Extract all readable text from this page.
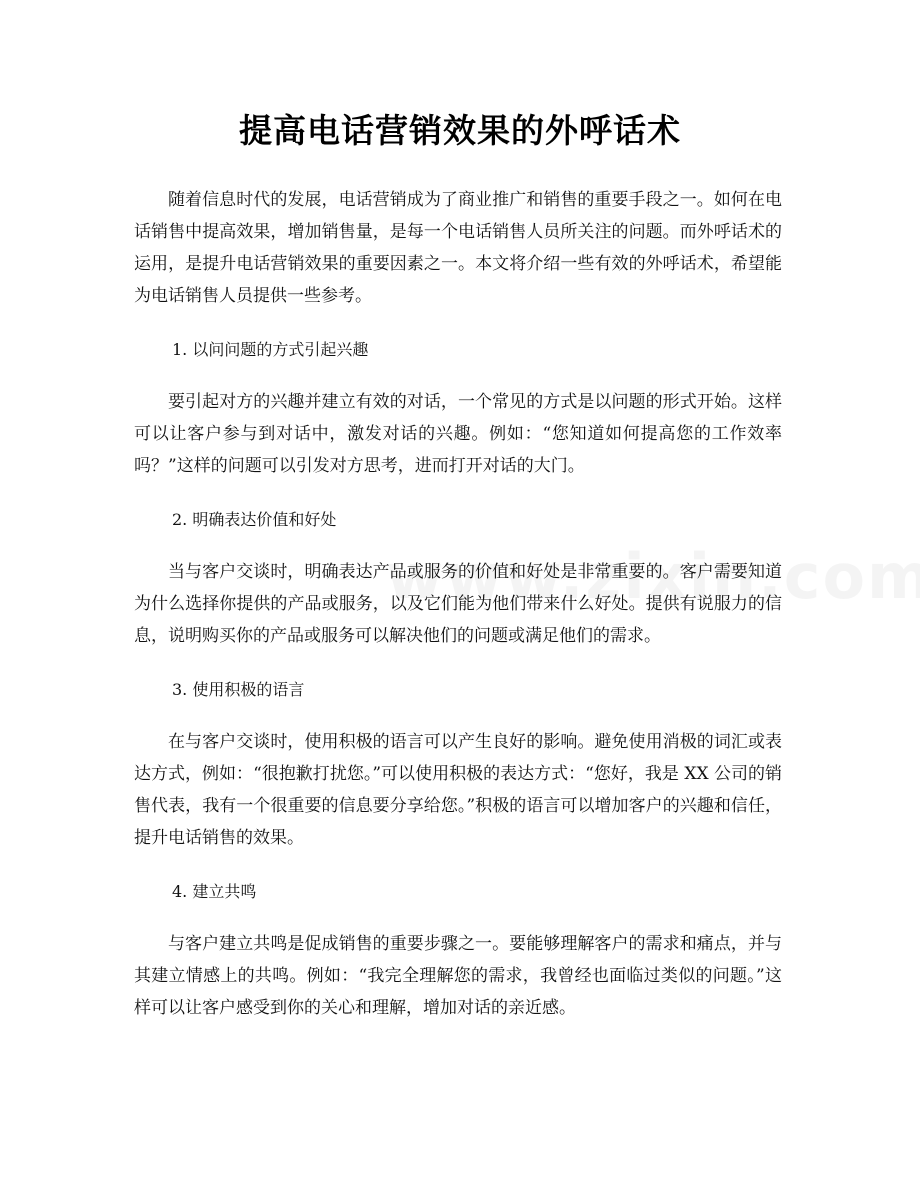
提高电话营销效果的外呼话术

随着信息时代的发展，电话营销成为了商业推广和销售的重要手段之一。如何在电话销售中提高效果，增加销售量，是每一个电话销售人员所关注的问题。而外呼话术的运用，是提升电话营销效果的重要因素之一。本文将介绍一些有效的外呼话术，希望能为电话销售人员提供一些参考。

1. 以问问题的方式引起兴趣

要引起对方的兴趣并建立有效的对话，一个常见的方式是以问题的形式开始。这样可以让客户参与到对话中，激发对话的兴趣。例如：“您知道如何提高您的工作效率吗？”这样的问题可以引发对方思考，进而打开对话的大门。

2. 明确表达价值和好处

当与客户交谈时，明确表达产品或服务的价值和好处是非常重要的。客户需要知道为什么选择你提供的产品或服务，以及它们能为他们带来什么好处。提供有说服力的信息，说明购买你的产品或服务可以解决他们的问题或满足他们的需求。

3. 使用积极的语言

在与客户交谈时，使用积极的语言可以产生良好的影响。避免使用消极的词汇或表达方式，例如：“很抱歉打扰您。”可以使用积极的表达方式：“您好，我是 XX 公司的销售代表，我有一个很重要的信息要分享给您。”积极的语言可以增加客户的兴趣和信任，提升电话销售的效果。

4. 建立共鸣

与客户建立共鸣是促成销售的重要步骤之一。要能够理解客户的需求和痛点，并与其建立情感上的共鸣。例如：“我完全理解您的需求，我曾经也面临过类似的问题。”这样可以让客户感受到你的关心和理解，增加对话的亲近感。
